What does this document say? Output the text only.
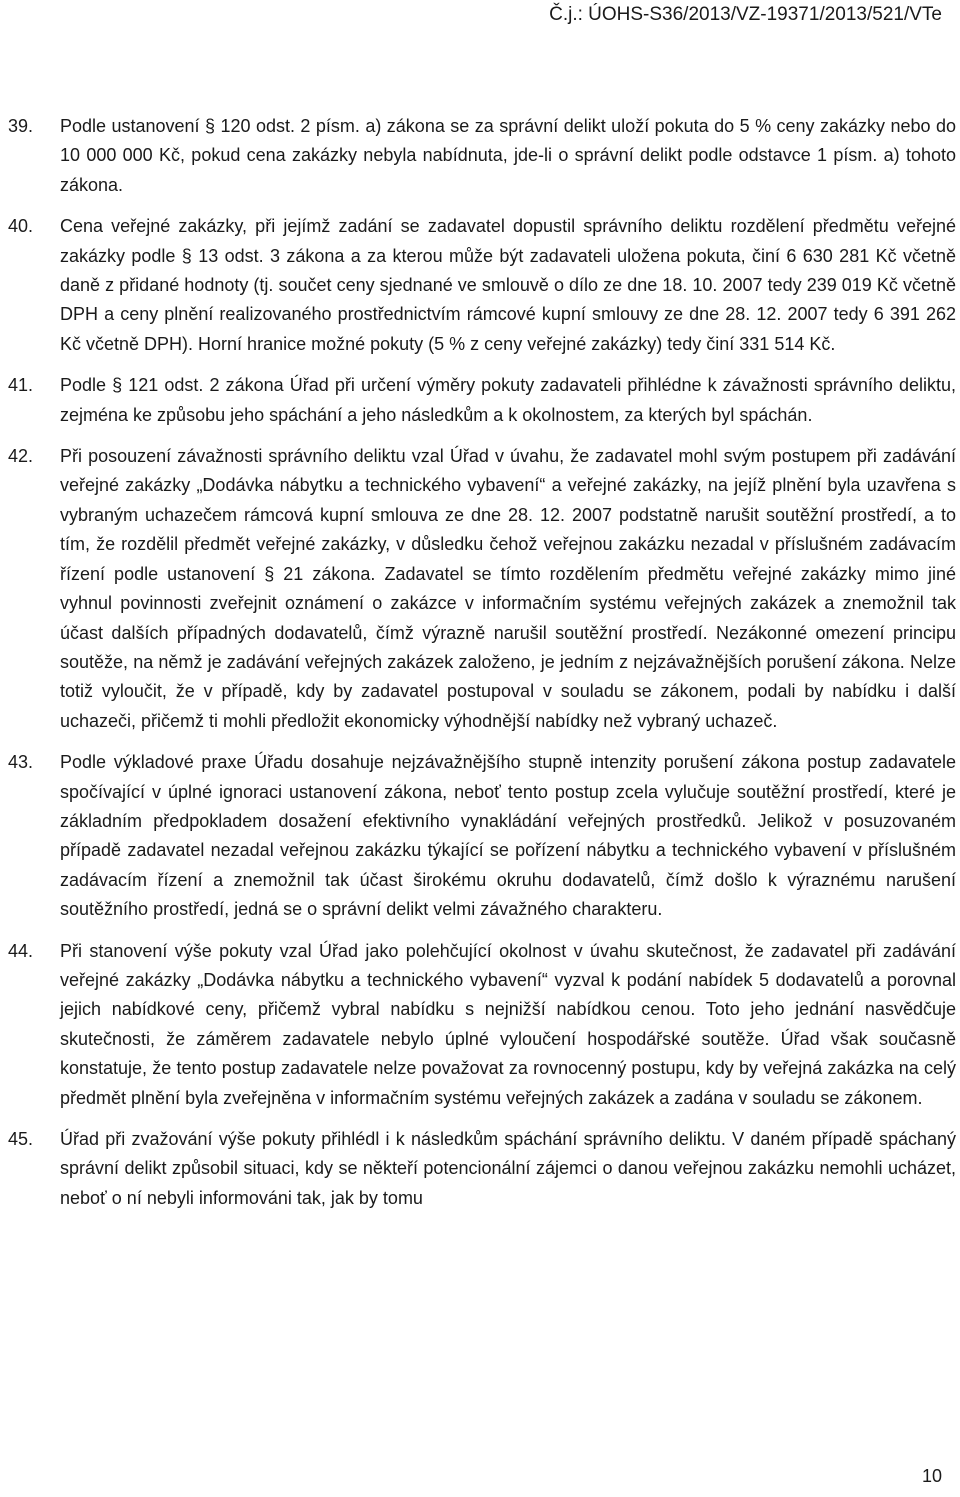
Č.j.: ÚOHS-S36/2013/VZ-19371/2013/521/VTe
39. Podle ustanovení § 120 odst. 2 písm. a) zákona se za správní delikt uloží pokuta do 5 % ceny zakázky nebo do 10 000 000 Kč, pokud cena zakázky nebyla nabídnuta, jde-li o správní delikt podle odstavce 1 písm. a) tohoto zákona.
40. Cena veřejné zakázky, při jejímž zadání se zadavatel dopustil správního deliktu rozdělení předmětu veřejné zakázky podle § 13 odst. 3 zákona a za kterou může být zadavateli uložena pokuta, činí 6 630 281 Kč včetně daně z přidané hodnoty (tj. součet ceny sjednané ve smlouvě o dílo ze dne 18. 10. 2007 tedy 239 019 Kč včetně DPH a ceny plnění realizovaného prostřednictvím rámcové kupní smlouvy ze dne 28. 12. 2007 tedy 6 391 262 Kč včetně DPH). Horní hranice možné pokuty (5 % z ceny veřejné zakázky) tedy činí 331 514 Kč.
41. Podle § 121 odst. 2 zákona Úřad při určení výměry pokuty zadavateli přihlédne k závažnosti správního deliktu, zejména ke způsobu jeho spáchání a jeho následkům a k okolnostem, za kterých byl spáchán.
42. Při posouzení závažnosti správního deliktu vzal Úřad v úvahu, že zadavatel mohl svým postupem při zadávání veřejné zakázky „Dodávka nábytku a technického vybavení“ a veřejné zakázky, na jejíž plnění byla uzavřena s vybraným uchazečem rámcová kupní smlouva ze dne 28. 12. 2007 podstatně narušit soutěžní prostředí, a to tím, že rozdělil předmět veřejné zakázky, v důsledku čehož veřejnou zakázku nezadal v příslušném zadávacím řízení podle ustanovení § 21 zákona. Zadavatel se tímto rozdělením předmětu veřejné zakázky mimo jiné vyhnul povinnosti zveřejnit oznámení o zakázce v informačním systému veřejných zakázek a znemožnil tak účast dalších případných dodavatelů, čímž výrazně narušil soutěžní prostředí. Nezákonné omezení principu soutěže, na němž je zadávání veřejných zakázek založeno, je jedním z nejzávažnějších porušení zákona. Nelze totiž vyloučit, že v případě, kdy by zadavatel postupoval v souladu se zákonem, podali by nabídku i další uchazeči, přičemž ti mohli předložit ekonomicky výhodnější nabídky než vybraný uchazeč.
43. Podle výkladové praxe Úřadu dosahuje nejzávažnějšího stupně intenzity porušení zákona postup zadavatele spočívající v úplné ignoraci ustanovení zákona, neboť tento postup zcela vylučuje soutěžní prostředí, které je základním předpokladem dosažení efektivního vynakládání veřejných prostředků. Jelikož v posuzovaném případě zadavatel nezadal veřejnou zakázku týkající se pořízení nábytku a technického vybavení v příslušném zadávacím řízení a znemožnil tak účast širokému okruhu dodavatelů, čímž došlo k výraznému narušení soutěžního prostředí, jedná se o správní delikt velmi závažného charakteru.
44. Při stanovení výše pokuty vzal Úřad jako polehčující okolnost v úvahu skutečnost, že zadavatel při zadávání veřejné zakázky „Dodávka nábytku a technického vybavení“ vyzval k podání nabídek 5 dodavatelů a porovnal jejich nabídkové ceny, přičemž vybral nabídku s nejnižší nabídkou cenou. Toto jeho jednání nasvědčuje skutečnosti, že záměrem zadavatele nebylo úplné vyloučení hospodářské soutěže. Úřad však současně konstatuje, že tento postup zadavatele nelze považovat za rovnocenný postupu, kdy by veřejná zakázka na celý předmět plnění byla zveřejněna v informačním systému veřejných zakázek a zadána v souladu se zákonem.
45. Úřad při zvažování výše pokuty přihlédl i k následkům spáchání správního deliktu. V daném případě spáchaný správní delikt způsobil situaci, kdy se někteří potencionální zájemci o danou veřejnou zakázku nemohli ucházet, neboť o ní nebyli informováni tak, jak by tomu
10
